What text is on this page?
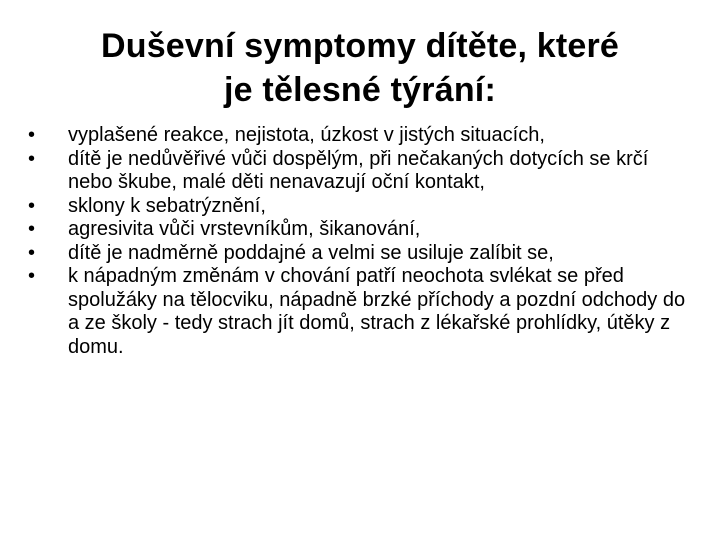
Duševní symptomy dítěte, které
je tělesné týrání:
•	vyplašené reakce, nejistota, úzkost v jistých situacích,
•	dítě je nedůvěřivé vůči dospělým, při nečakaných dotycích se krčí nebo škube, malé děti nenavazují oční kontakt,
•	sklony k sebatrýznění,
•	agresivita vůči vrstevníkům, šikanování,
•	dítě je nadměrně poddajné a velmi se usiluje zalíbit se,
•	k nápadným změnám v chování patří neochota svlékat se před spolužáky na tělocviku, nápadně brzké příchody a pozdní odchody do a ze školy - tedy strach jít domů, strach z lékařské prohlídky, útěky z domu.
